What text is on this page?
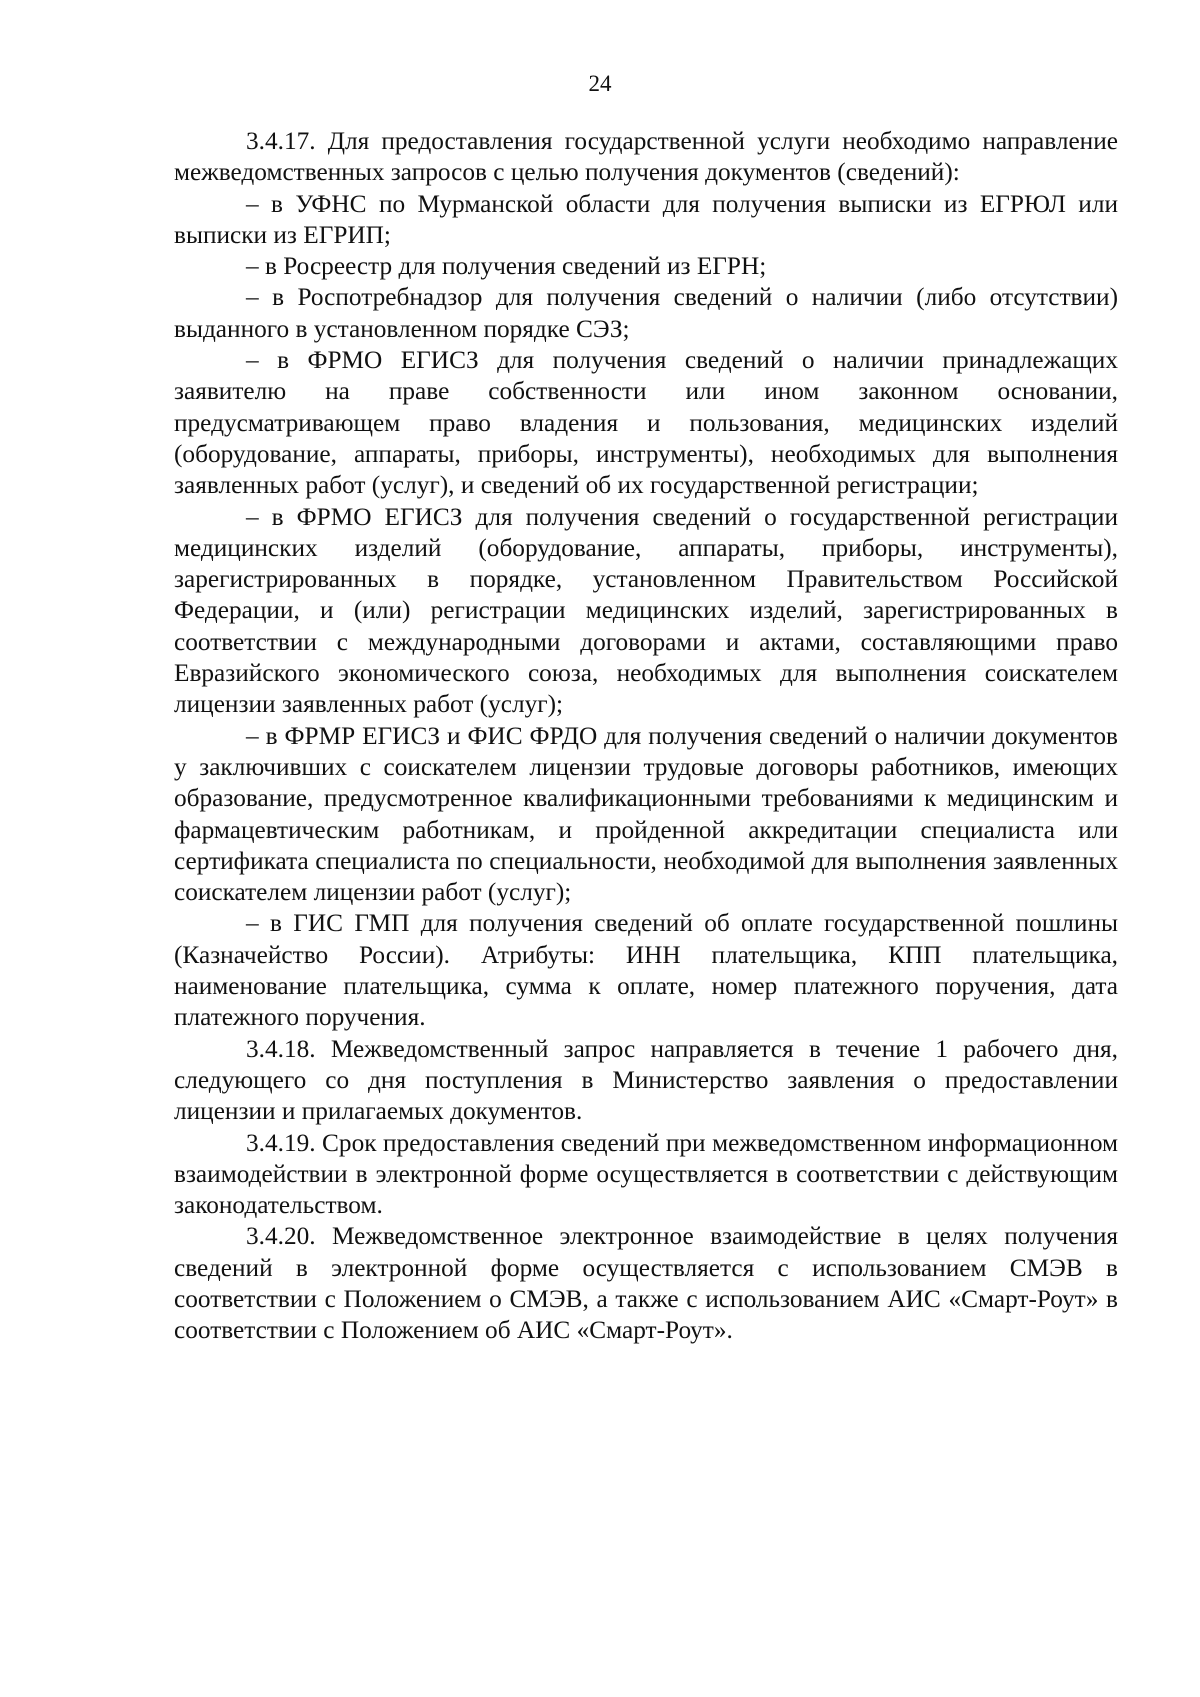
24

3.4.17. Для предоставления государственной услуги необходимо направление межведомственных запросов с целью получения документов (сведений):

– в УФНС по Мурманской области для получения выписки из ЕГРЮЛ или выписки из ЕГРИП;

– в Росреестр для получения сведений из ЕГРН;

– в Роспотребнадзор для получения сведений о наличии (либо отсутствии) выданного в установленном порядке СЭЗ;

– в ФРМО ЕГИСЗ для получения сведений о наличии принадлежащих заявителю на праве собственности или ином законном основании, предусматривающем право владения и пользования, медицинских изделий (оборудование, аппараты, приборы, инструменты), необходимых для выполнения заявленных работ (услуг), и сведений об их государственной регистрации;

– в ФРМО ЕГИСЗ для получения сведений о государственной регистрации медицинских изделий (оборудование, аппараты, приборы, инструменты), зарегистрированных в порядке, установленном Правительством Российской Федерации, и (или) регистрации медицинских изделий, зарегистрированных в соответствии с международными договорами и актами, составляющими право Евразийского экономического союза, необходимых для выполнения соискателем лицензии заявленных работ (услуг);

– в ФРМР ЕГИСЗ и ФИС ФРДО для получения сведений о наличии документов у заключивших с соискателем лицензии трудовые договоры работников, имеющих образование, предусмотренное квалификационными требованиями к медицинским и фармацевтическим работникам, и пройденной аккредитации специалиста или сертификата специалиста по специальности, необходимой для выполнения заявленных соискателем лицензии работ (услуг);

– в ГИС ГМП для получения сведений об оплате государственной пошлины (Казначейство России). Атрибуты: ИНН плательщика, КПП плательщика, наименование плательщика, сумма к оплате, номер платежного поручения, дата платежного поручения.

3.4.18. Межведомственный запрос направляется в течение 1 рабочего дня, следующего со дня поступления в Министерство заявления о предоставлении лицензии и прилагаемых документов.

3.4.19. Срок предоставления сведений при межведомственном информационном взаимодействии в электронной форме осуществляется в соответствии с действующим законодательством.

3.4.20. Межведомственное электронное взаимодействие в целях получения сведений в электронной форме осуществляется с использованием СМЭВ в соответствии с Положением о СМЭВ, а также с использованием АИС «Смарт-Роут» в соответствии с Положением об АИС «Смарт-Роут».
